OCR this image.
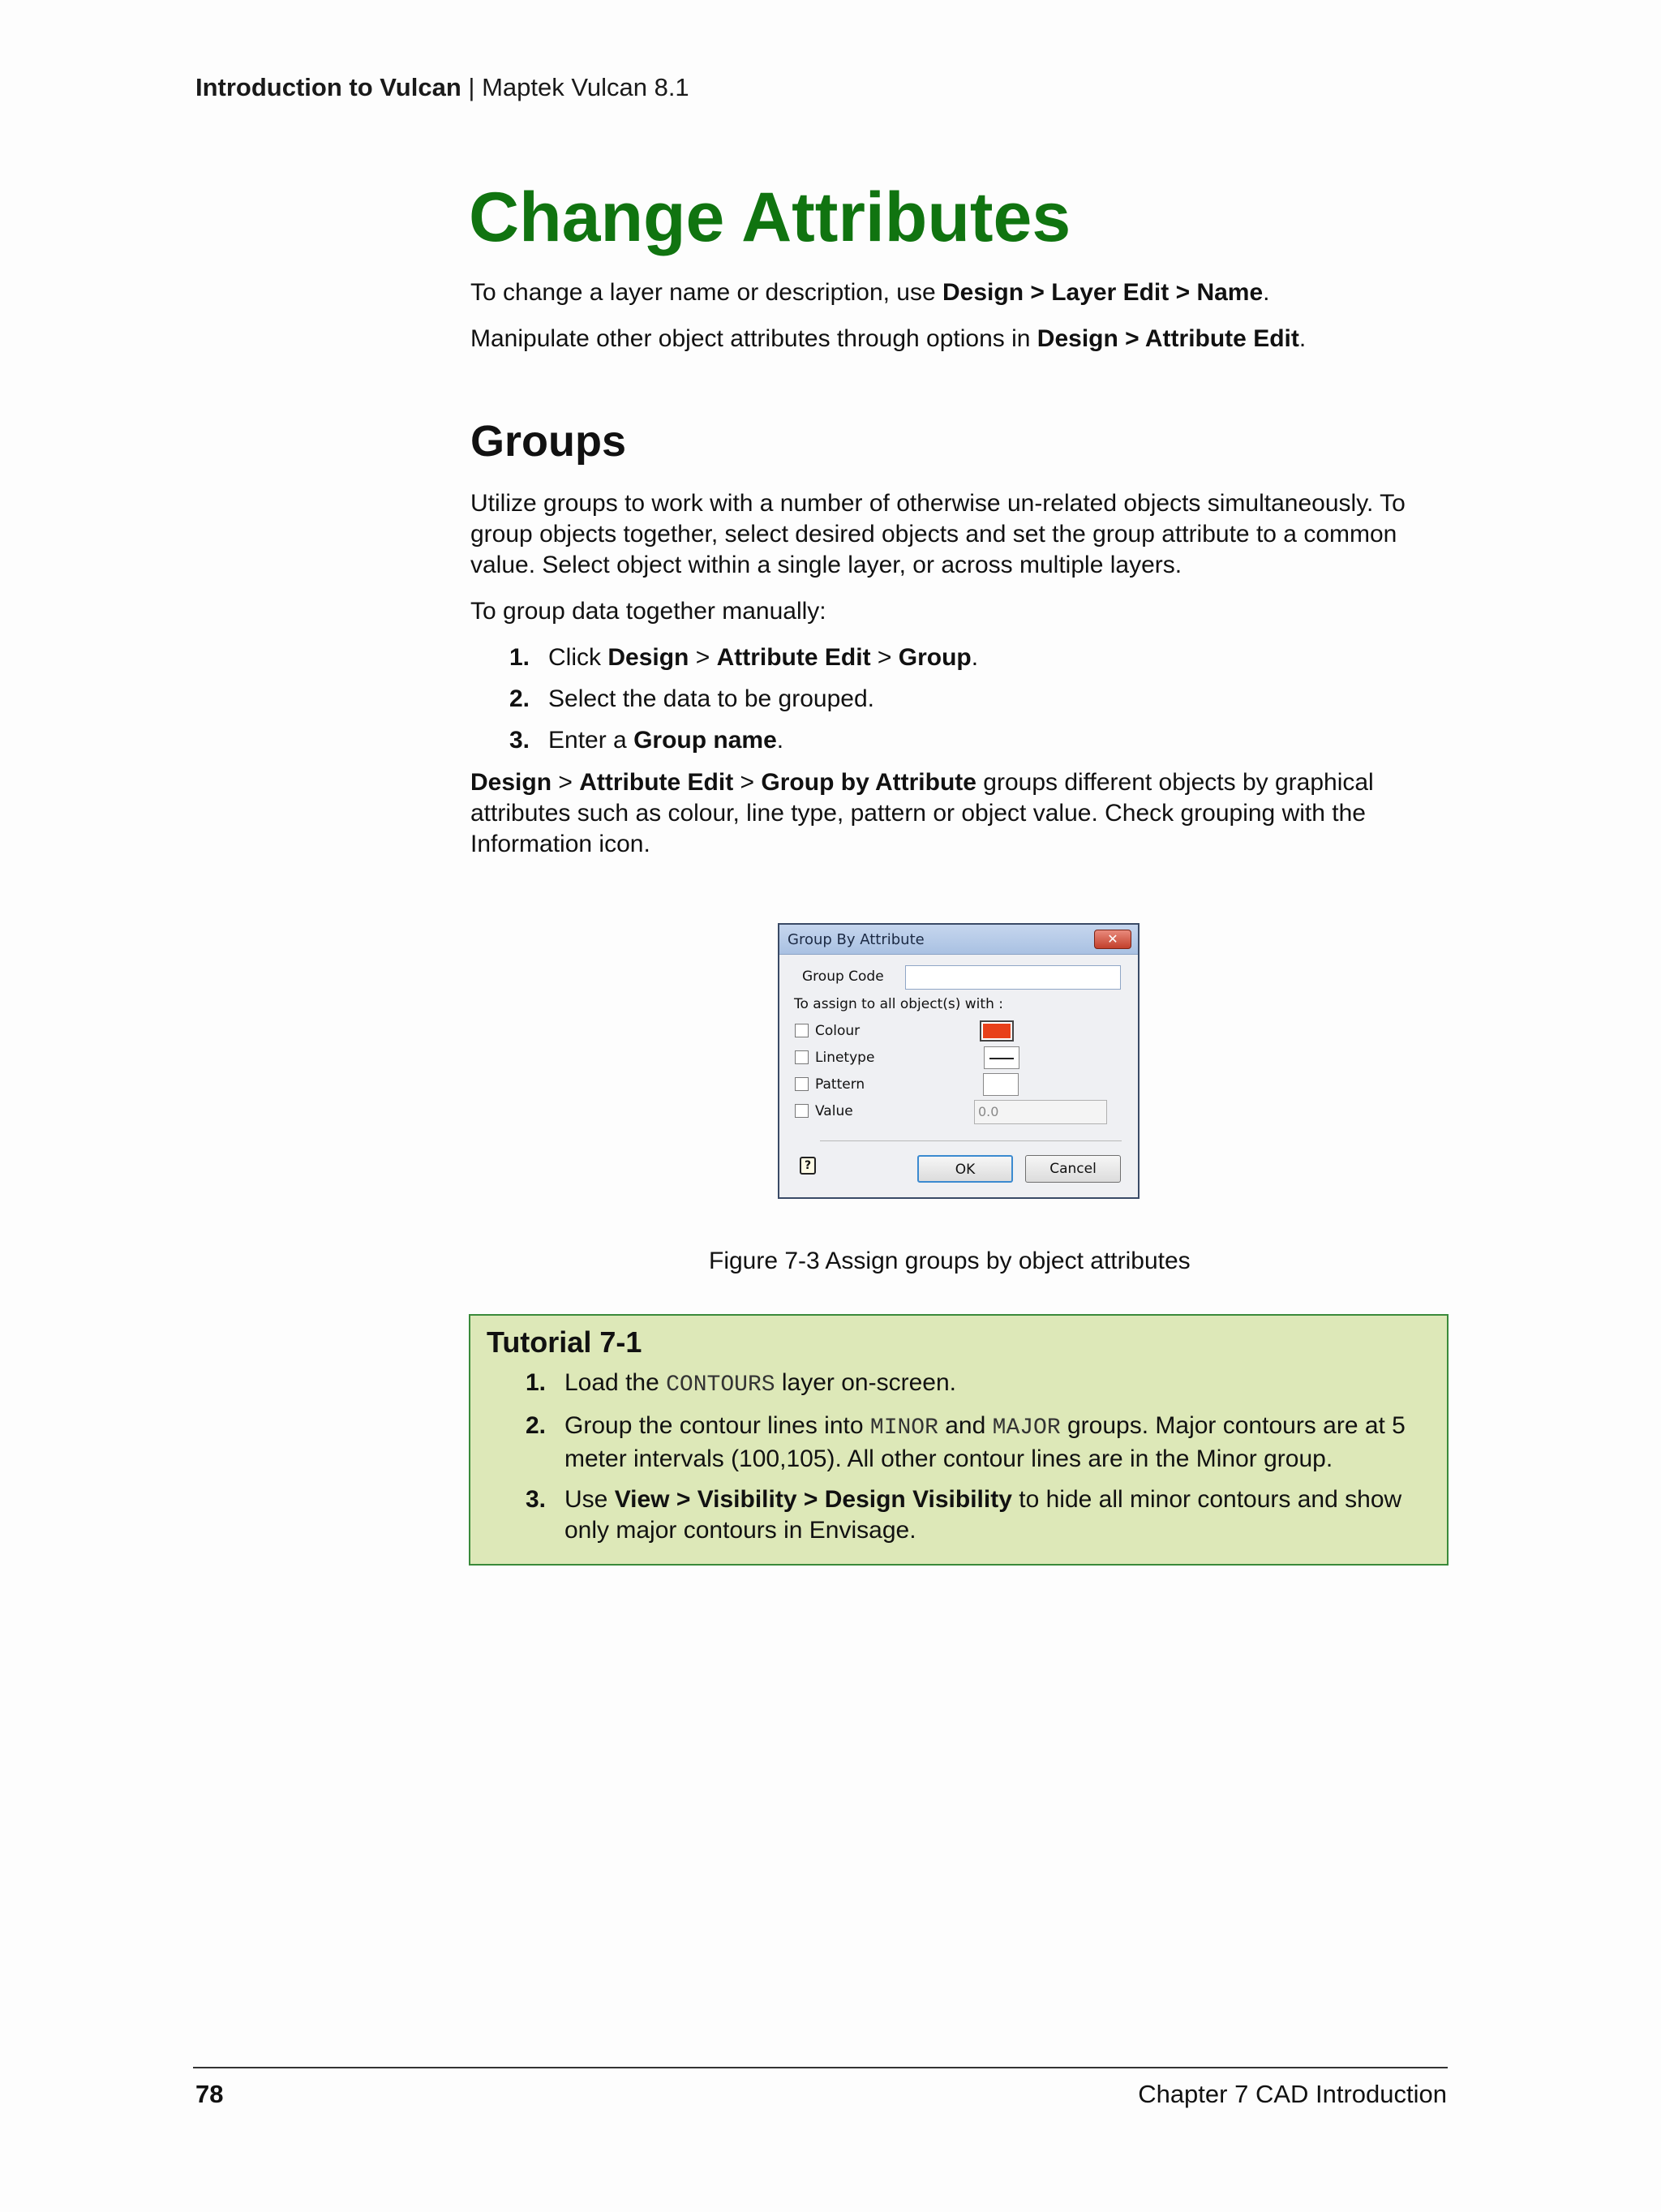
Introduction to Vulcan | Maptek Vulcan 8.1
Change Attributes

To change a layer name or description, use Design > Layer Edit > Name.

Manipulate other object attributes through options in Design > Attribute Edit.

Groups

Utilize groups to work with a number of otherwise un-related objects simultaneously. To group objects together, select desired objects and set the group attribute to a common value. Select object within a single layer, or across multiple layers.

To group data together manually:

1. Click Design > Attribute Edit > Group.
2. Select the data to be grouped.
3. Enter a Group name.

Design > Attribute Edit > Group by Attribute groups different objects by graphical attributes such as colour, line type, pattern or object value. Check grouping with the Information icon.

Group By Attribute	✕
Group Code
To assign to all object(s) with :
Colour
Linetype
Pattern
Value	0.0
?	OK	Cancel

Figure 7-3 Assign groups by object attributes

Tutorial 7-1
1. Load the CONTOURS layer on-screen.
2. Group the contour lines into MINOR and MAJOR groups. Major contours are at 5 meter intervals (100,105). All other contour lines are in the Minor group.
3. Use View > Visibility > Design Visibility to hide all minor contours and show only major contours in Envisage.
78	Chapter 7 CAD Introduction
